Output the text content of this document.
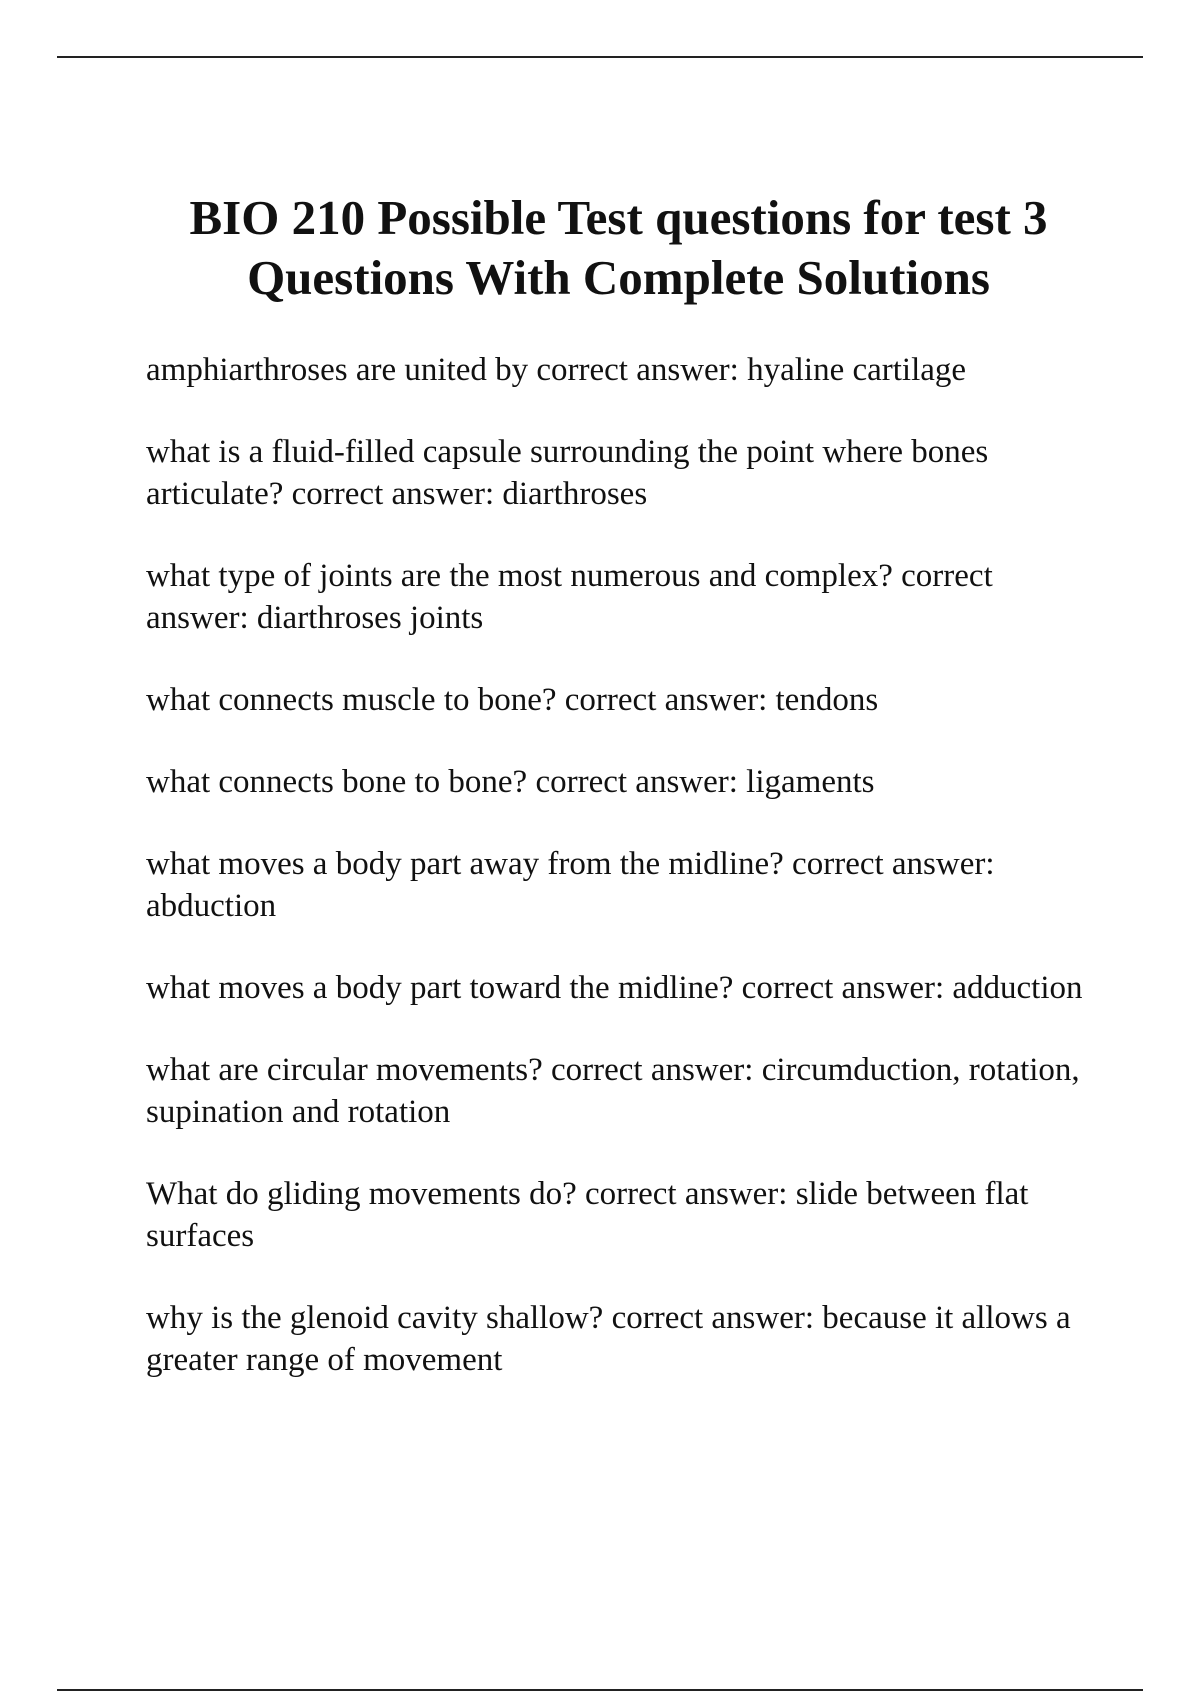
BIO 210 Possible Test questions for test 3
Questions With Complete Solutions
amphiarthroses are united by correct answer: hyaline cartilage
what is a fluid-filled capsule surrounding the point where bones articulate? correct answer: diarthroses
what type of joints are the most numerous and complex? correct answer: diarthroses joints
what connects muscle to bone? correct answer: tendons
what connects bone to bone? correct answer: ligaments
what moves a body part away from the midline? correct answer: abduction
what moves a body part toward the midline? correct answer: adduction
what are circular movements? correct answer: circumduction, rotation, supination and rotation
What do gliding movements do? correct answer: slide between flat surfaces
why is the glenoid cavity shallow? correct answer: because it allows a greater range of movement
